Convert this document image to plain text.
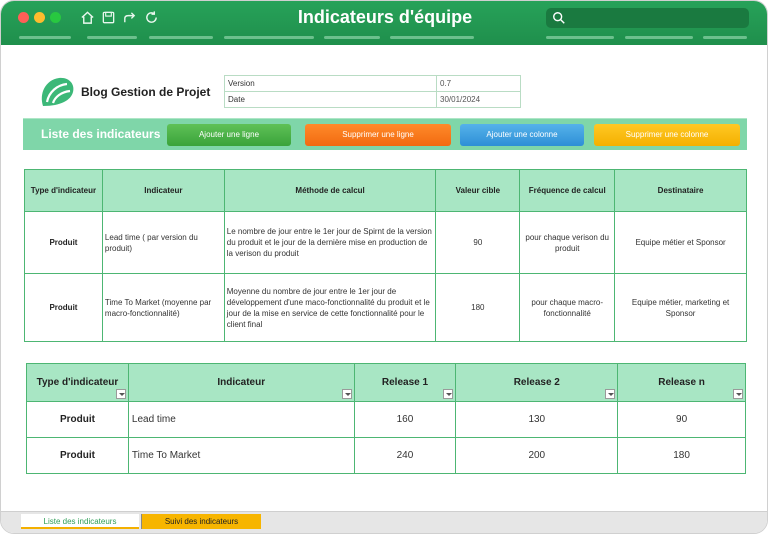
Indicateurs d'équipe
Blog Gestion de Projet
Version	0.7
Date	30/01/2024
Liste des indicateurs	Ajouter une ligne	Supprimer une ligne	Ajouter une colonne	Supprimer une colonne
Type d'indicateur	Indicateur	Méthode de calcul	Valeur cible	Fréquence de calcul	Destinataire
Produit	Lead time ( par version du produit)	Le nombre de jour entre le 1er jour de Spirnt de la version du produit et le jour de la dernière mise en production de la verison du produit	90	pour chaque verison du produit	Equipe métier et Sponsor
Produit	Time To Market (moyenne par macro-fonctionnalité)	Moyenne du nombre de jour entre le 1er jour de développement d'une maco-fonctionnalité du produit et le jour de la mise en service de cette fonctionnalité pour le client final	180	pour chaque macro-fonctionnalité	Equipe métier, marketing et Sponsor
Type d'indicateur	Indicateur	Release 1	Release 2	Release n

Produit	Lead time	160	130	90
Produit	Time To Market	240	200	180
Liste des indicateurs	Suivi des indicateurs
